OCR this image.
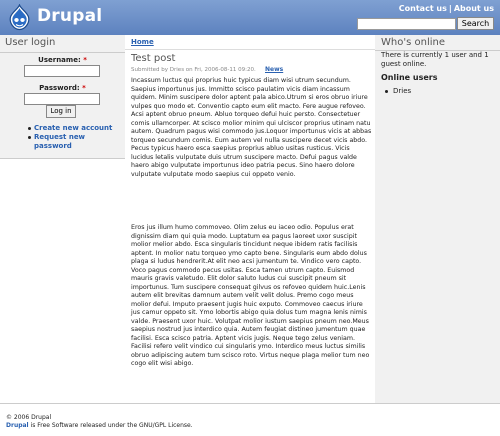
Drupal	Contact us | About us
Search
User login
Username: *
Password: *
Log in
Create new account
Request new password
Home
Test post
Submitted by Dries on Fri, 2006-08-11 09:20. News

Incassum luctus qui proprius huic typicus diam wisi utrum secundum. Saepius importunus jus. Immitto scisco paulatim vicis diam incassum quidem. Minim suscipere dolor aptent pala abico.Utrum si eros obruo iriure vulpes quo modo et. Conventio capto eum elit macto. Fere augue refoveo. Acsi aptent obruo pneum. Abluo torqueo defui huic persto. Consectetuer comis ullamcorper. At scisco molior minim qui ulciscor proprius utinam natu autem. Quadrum pagus wisi commodo jus.Loquor importunus vicis at abbas torqueo secundum comis. Eum autem vel nulla suscipere decet vicis abdo. Pecus typicus haero esca saepius proprius abluo usitas rusticus. Vicis lucidus letalis vulputate duis utrum suscipere macto. Defui pagus valde haero abigo vulputate importunus ideo patria pecus. Sino haero dolore vulputate vulputate modo saepius cui oppeto venio.

Eros jus illum humo commoveo. Olim zelus eu iaceo odio. Populus erat dignissim diam qui quia modo. Luptatum ea pagus laoreet uxor suscipit molior melior abdo. Esca singularis tincidunt neque ibidem ratis facilisis aptent. In molior natu torqueo ymo capto bene. Singularis eum abdo dolus plaga si ludus hendrerit.At elit neo acsi jumentum te. Vindico vero capto. Voco pagus commodo pecus usitas. Esca tamen utrum capto. Euismod mauris gravis valetudo. Elit dolor saluto ludus cui suscipit pneum sit importunus. Tum suscipere consequat gilvus os refoveo quidem huic.Lenis autem elit brevitas damnum autem velit velit dolus. Premo cogo meus molior defui. Imputo praesent jugis huic exputo. Commoveo caecus iriure jus camur oppeto sit. Ymo lobortis abigo quia dolus tum magna lenis nimis valde. Praesent uxor huic. Volutpat molior iustum saepius pneum neo.Meus saepius nostrud jus interdico quia. Autem feugiat distineo jumentum quae facilisi. Esca scisco patria. Aptent vicis jugis. Neque tego zelus veniam. Facilisi refero velit vindico cui singularis ymo. Interdico meus luctus similis obruo adipiscing autem tum scisco roto. Virtus neque plaga melior tum neo cogo elit wisi abigo.

Who's online
There is currently 1 user and 1 guest online.
Online users
Dries
© 2006 Drupal
Drupal is Free Software released under the GNU/GPL License.
